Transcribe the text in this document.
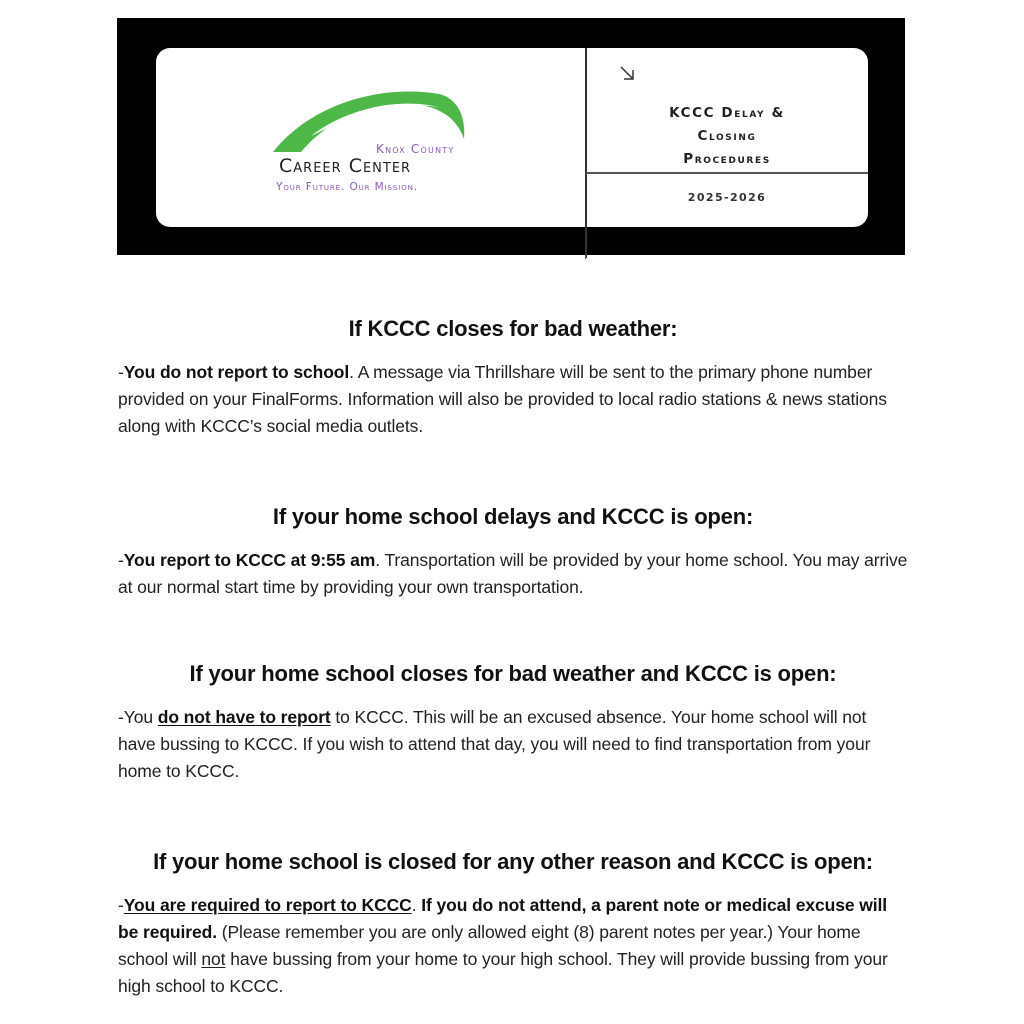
Knox County
Career Center
Your Future. Our Mission.
KCCC Delay &
Closing
Procedures
2025-2026
If KCCC closes for bad weather:

-You do not report to school. A message via Thrillshare will be sent to the primary phone number provided on your FinalForms. Information will also be provided to local radio stations & news stations along with KCCC’s social media outlets.

If your home school delays and KCCC is open:

-You report to KCCC at 9:55 am. Transportation will be provided by your home school. You may arrive at our normal start time by providing your own transportation.

If your home school closes for bad weather and KCCC is open:

-You do not have to report to KCCC. This will be an excused absence. Your home school will not have bussing to KCCC. If you wish to attend that day, you will need to find transportation from your home to KCCC.

If your home school is closed for any other reason and KCCC is open:

-You are required to report to KCCC. If you do not attend, a parent note or medical excuse will be required. (Please remember you are only allowed eight (8) parent notes per year.) Your home school will not have bussing from your home to your high school. They will provide bussing from your high school to KCCC.
